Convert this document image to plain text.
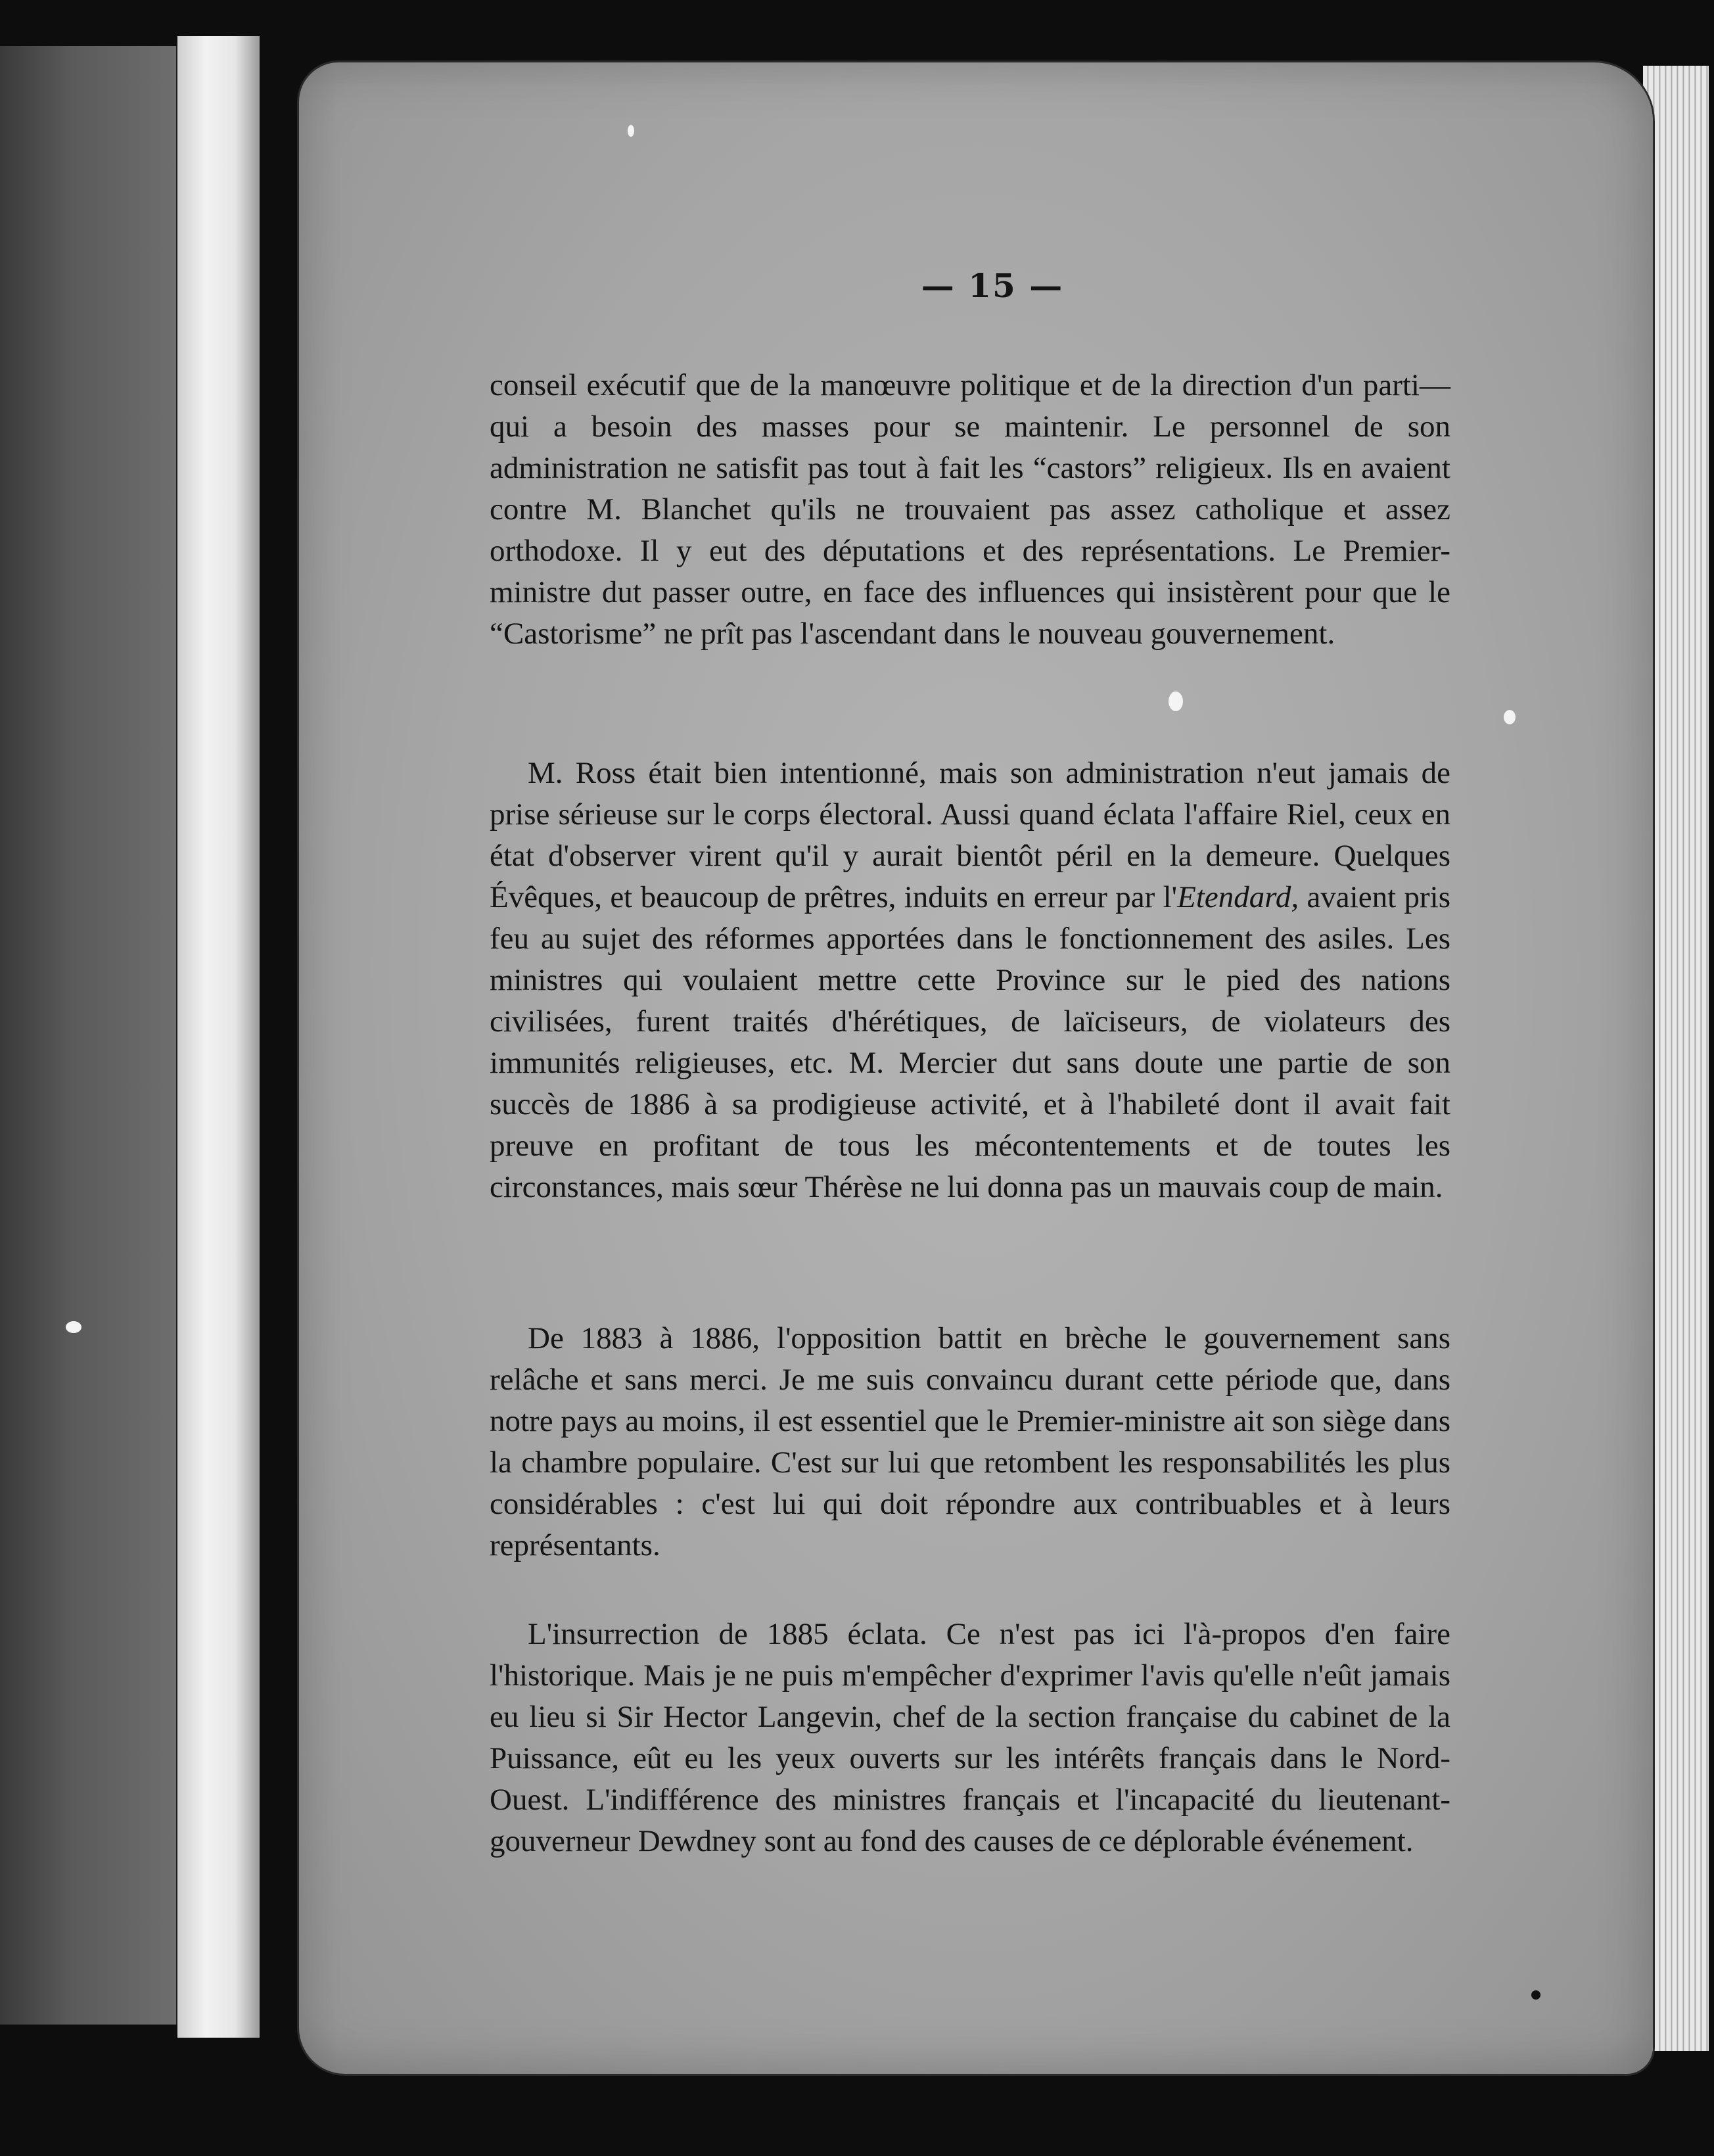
— 15 —

conseil exécutif que de la manœuvre politique et de la direction d'un parti—qui a besoin des masses pour se maintenir. Le personnel de son administration ne satisfit pas tout à fait les “castors” religieux. Ils en avaient contre M. Blanchet qu'ils ne trouvaient pas assez catholique et assez orthodoxe. Il y eut des députations et des représentations. Le Premier-ministre dut passer outre, en face des influences qui insistèrent pour que le “Castorisme” ne prît pas l'ascendant dans le nouveau gouvernement.

M. Ross était bien intentionné, mais son administration n'eut jamais de prise sérieuse sur le corps électoral. Aussi quand éclata l'affaire Riel, ceux en état d'observer virent qu'il y aurait bientôt péril en la demeure. Quelques Évêques, et beaucoup de prêtres, induits en erreur par l'Etendard, avaient pris feu au sujet des réformes apportées dans le fonctionnement des asiles. Les ministres qui voulaient mettre cette Province sur le pied des nations civilisées, furent traités d'hérétiques, de laïciseurs, de violateurs des immunités religieuses, etc. M. Mercier dut sans doute une partie de son succès de 1886 à sa prodigieuse activité, et à l'habileté dont il avait fait preuve en profitant de tous les mécontentements et de toutes les circonstances, mais sœur Thérèse ne lui donna pas un mauvais coup de main.

De 1883 à 1886, l'opposition battit en brèche le gouvernement sans relâche et sans merci. Je me suis convaincu durant cette période que, dans notre pays au moins, il est essentiel que le Premier-ministre ait son siège dans la chambre populaire. C'est sur lui que retombent les responsabilités les plus considérables : c'est lui qui doit répondre aux contribuables et à leurs représentants.

L'insurrection de 1885 éclata. Ce n'est pas ici l'à-propos d'en faire l'historique. Mais je ne puis m'empêcher d'exprimer l'avis qu'elle n'eût jamais eu lieu si Sir Hector Langevin, chef de la section française du cabinet de la Puissance, eût eu les yeux ouverts sur les intérêts français dans le Nord-Ouest. L'indifférence des ministres français et l'incapacité du lieutenant-gouverneur Dewdney sont au fond des causes de ce déplorable événement.
